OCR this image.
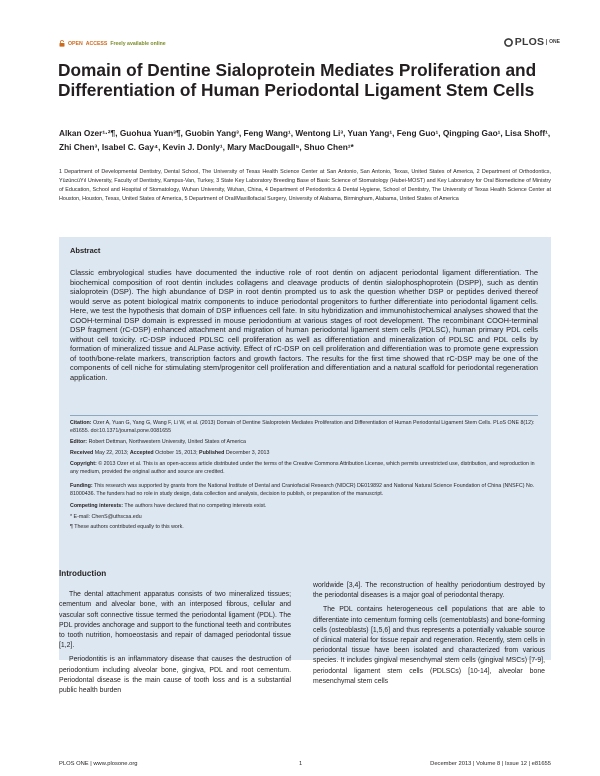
OPEN ACCESS Freely available online	PLOS	ONE
Domain of Dentine Sialoprotein Mediates Proliferation and Differentiation of Human Periodontal Ligament Stem Cells
Alkan Ozer¹·²¶, Guohua Yuan³¶, Guobin Yang³, Feng Wang¹, Wentong Li³, Yuan Yang¹, Feng Guo¹, Qingping Gao¹, Lisa Shoff¹, Zhi Chen³, Isabel C. Gay⁴, Kevin J. Donly¹, Mary MacDougall⁵, Shuo Chen¹*
1 Department of Developmental Dentistry, Dental School, The University of Texas Health Science Center at San Antonio, San Antonio, Texas, United States of America, 2 Department of Orthodontics, YüzüncüYıl University, Faculty of Dentistry, Kampus-Van, Turkey, 3 State Key Laboratory Breeding Base of Basic Science of Stomatology (Hubei-MOST) and Key Laboratory for Oral Biomedicine of Ministry of Education, School and Hospital of Stomatology, Wuhan University, Wuhan, China, 4 Department of Periodontics & Dental Hygiene, School of Dentistry, The University of Texas Health Science Center at Houston, Houston, Texas, United States of America, 5 Department of Oral/Maxillofacial Surgery, University of Alabama, Birmingham, Alabama, United States of America
Abstract
Classic embryological studies have documented the inductive role of root dentin on adjacent periodontal ligament differentiation. The biochemical composition of root dentin includes collagens and cleavage products of dentin sialophosphoprotein (DSPP), such as dentin sialoprotein (DSP). The high abundance of DSP in root dentin prompted us to ask the question whether DSP or peptides derived thereof would serve as potent biological matrix components to induce periodontal progenitors to further differentiate into periodontal ligament cells. Here, we test the hypothesis that domain of DSP influences cell fate. In situ hybridization and immunohistochemical analyses showed that the COOH-terminal DSP domain is expressed in mouse periodontium at various stages of root development. The recombinant COOH-terminal DSP fragment (rC-DSP) enhanced attachment and migration of human periodontal ligament stem cells (PDLSC), human primary PDL cells without cell toxicity. rC-DSP induced PDLSC cell proliferation as well as differentiation and mineralization of PDLSC and PDL cells by formation of mineralized tissue and ALPase activity. Effect of rC-DSP on cell proliferation and differentiation was to promote gene expression of tooth/bone-relate markers, transcription factors and growth factors. The results for the first time showed that rC-DSP may be one of the components of cell niche for stimulating stem/progenitor cell proliferation and differentiation and a natural scaffold for periodontal regeneration application.
Citation: Ozer A, Yuan G, Yang G, Wang F, Li W, et al. (2013) Domain of Dentine Sialoprotein Mediates Proliferation and Differentiation of Human Periodontal Ligament Stem Cells. PLoS ONE 8(12): e81655. doi:10.1371/journal.pone.0081655
Editor: Robert Dettman, Northwestern University, United States of America
Received May 22, 2013; Accepted October 15, 2013; Published December 3, 2013
Copyright: © 2013 Ozer et al. This is an open-access article distributed under the terms of the Creative Commons Attribution License, which permits unrestricted use, distribution, and reproduction in any medium, provided the original author and source are credited.
Funding: This research was supported by grants from the National Institute of Dental and Craniofacial Research (NIDCR) DE019892 and National Natural Science Foundation of China (NNSFC) No. 81000436. The funders had no role in study design, data collection and analysis, decision to publish, or preparation of the manuscript.
Competing interests: The authors have declared that no competing interests exist.
* E-mail: ChenS@uthscsa.edu
¶ These authors contributed equally to this work.
Introduction

The dental attachment apparatus consists of two mineralized tissues; cementum and alveolar bone, with an interposed fibrous, cellular and vascular soft connective tissue termed the periodontal ligament (PDL). The PDL provides anchorage and support to the functional teeth and contributes to tooth nutrition, homoeostasis and repair of damaged periodontal tissue [1,2].

Periodontitis is an inflammatory disease that causes the destruction of periodontium including alveolar bone, gingiva, PDL and root cementum. Periodontal disease is the main cause of tooth loss and is a substantial public health burden

worldwide [3,4]. The reconstruction of healthy periodontium destroyed by the periodontal diseases is a major goal of periodontal therapy.

The PDL contains heterogeneous cell populations that are able to differentiate into cementum forming cells (cementoblasts) and bone-forming cells (osteoblasts) [1,5,6] and thus represents a potentially valuable source of clinical material for tissue repair and regeneration. Recently, stem cells in periodontal tissue have been isolated and characterized from various species. It includes gingival mesenchymal stem cells (gingival MSCs) [7-9], periodontal ligament stem cells (PDLSCs) [10-14], alveolar bone mesenchymal stem cells

PLOS ONE | www.plosone.org	1	December 2013 | Volume 8 | Issue 12 | e81655
